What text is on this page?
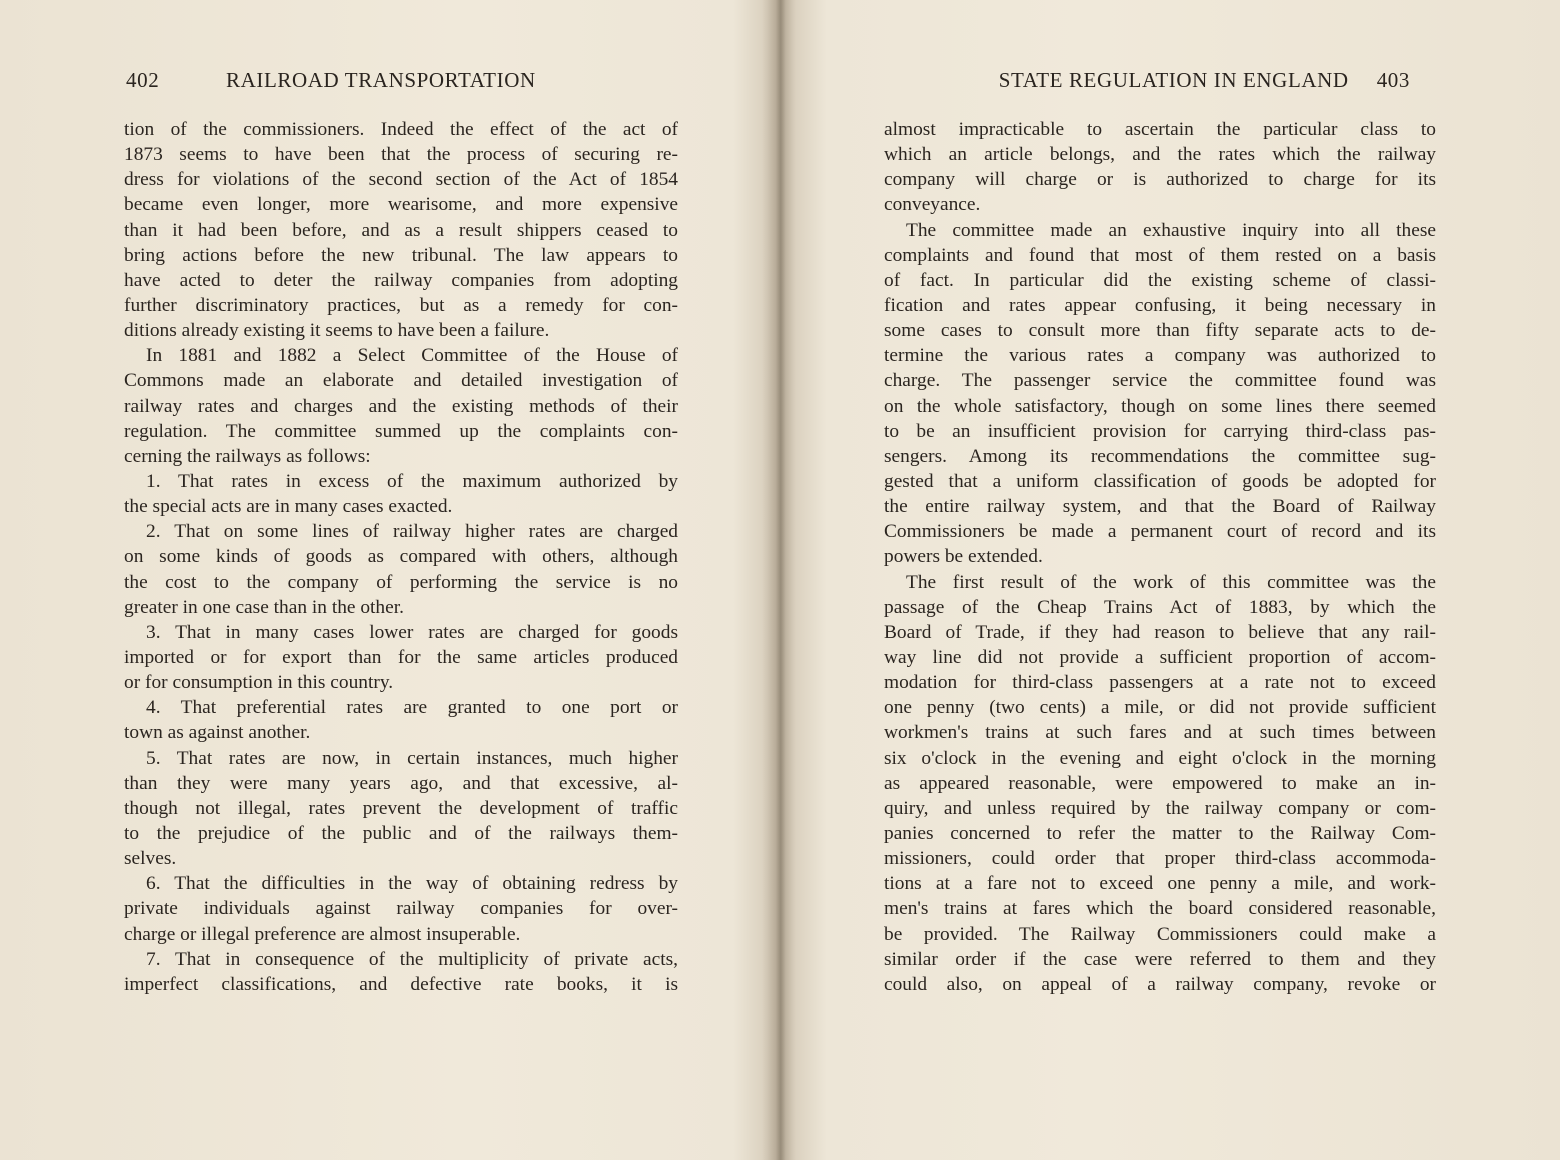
402	RAILROAD TRANSPORTATION
tion of the commissioners. Indeed the effect of the act of
1873 seems to have been that the process of securing re-
dress for violations of the second section of the Act of 1854
became even longer, more wearisome, and more expensive
than it had been before, and as a result shippers ceased to
bring actions before the new tribunal. The law appears to
have acted to deter the railway companies from adopting
further discriminatory practices, but as a remedy for con-
ditions already existing it seems to have been a failure.
In 1881 and 1882 a Select Committee of the House of
Commons made an elaborate and detailed investigation of
railway rates and charges and the existing methods of their
regulation. The committee summed up the complaints con-
cerning the railways as follows:
1. That rates in excess of the maximum authorized by
the special acts are in many cases exacted.
2. That on some lines of railway higher rates are charged
on some kinds of goods as compared with others, although
the cost to the company of performing the service is no
greater in one case than in the other.
3. That in many cases lower rates are charged for goods
imported or for export than for the same articles produced
or for consumption in this country.
4. That preferential rates are granted to one port or
town as against another.
5. That rates are now, in certain instances, much higher
than they were many years ago, and that excessive, al-
though not illegal, rates prevent the development of traffic
to the prejudice of the public and of the railways them-
selves.
6. That the difficulties in the way of obtaining redress by
private individuals against railway companies for over-
charge or illegal preference are almost insuperable.
7. That in consequence of the multiplicity of private acts,
imperfect classifications, and defective rate books, it is
STATE REGULATION IN ENGLAND 403
almost impracticable to ascertain the particular class to
which an article belongs, and the rates which the railway
company will charge or is authorized to charge for its
conveyance.
The committee made an exhaustive inquiry into all these
complaints and found that most of them rested on a basis
of fact. In particular did the existing scheme of classi-
fication and rates appear confusing, it being necessary in
some cases to consult more than fifty separate acts to de-
termine the various rates a company was authorized to
charge. The passenger service the committee found was
on the whole satisfactory, though on some lines there seemed
to be an insufficient provision for carrying third-class pas-
sengers. Among its recommendations the committee sug-
gested that a uniform classification of goods be adopted for
the entire railway system, and that the Board of Railway
Commissioners be made a permanent court of record and its
powers be extended.
The first result of the work of this committee was the
passage of the Cheap Trains Act of 1883, by which the
Board of Trade, if they had reason to believe that any rail-
way line did not provide a sufficient proportion of accom-
modation for third-class passengers at a rate not to exceed
one penny (two cents) a mile, or did not provide sufficient
workmen's trains at such fares and at such times between
six o'clock in the evening and eight o'clock in the morning
as appeared reasonable, were empowered to make an in-
quiry, and unless required by the railway company or com-
panies concerned to refer the matter to the Railway Com-
missioners, could order that proper third-class accommoda-
tions at a fare not to exceed one penny a mile, and work-
men's trains at fares which the board considered reasonable,
be provided. The Railway Commissioners could make a
similar order if the case were referred to them and they
could also, on appeal of a railway company, revoke or
